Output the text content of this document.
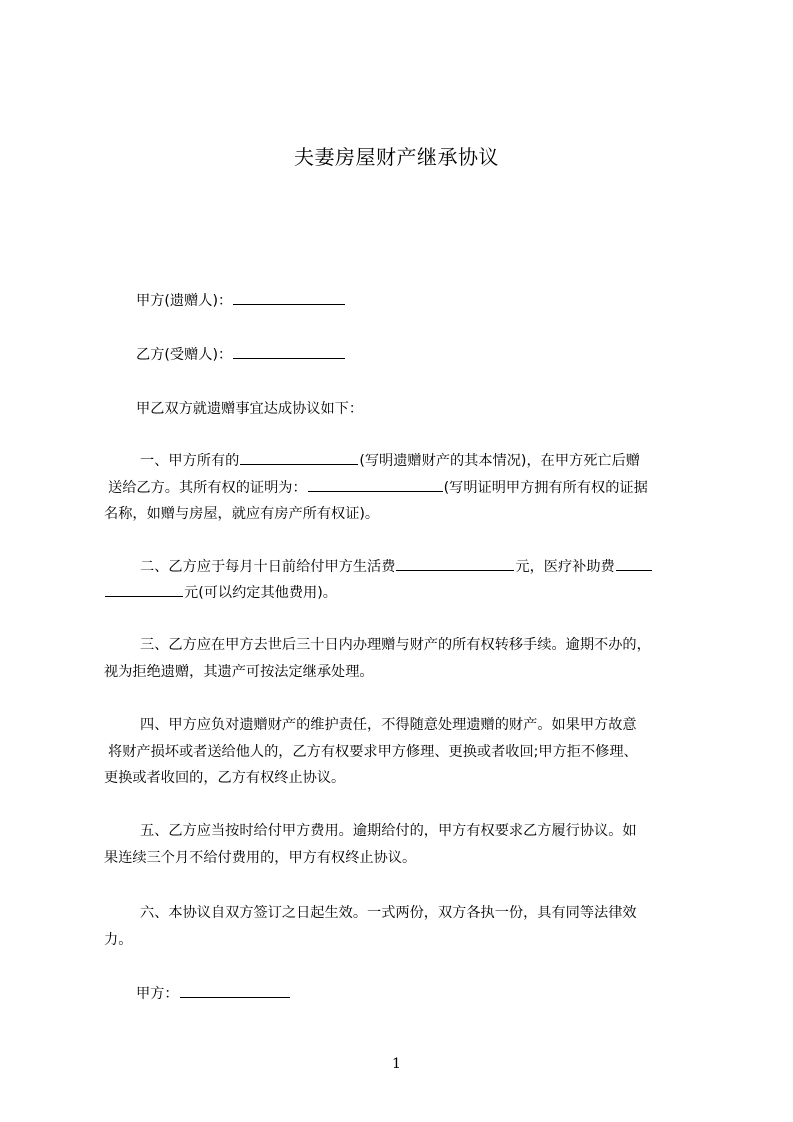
夫妻房屋财产继承协议
甲方(遗赠人)：
乙方(受赠人)：
甲乙双方就遗赠事宜达成协议如下：
一、甲方所有的	(写明遗赠财产的其本情况)，在甲方死亡后赠
送给乙方。其所有权的证明为：	(写明证明甲方拥有所有权的证据
名称，如赠与房屋，就应有房产所有权证)。
二、乙方应于每月十日前给付甲方生活费	元，医疗补助费
元(可以约定其他费用)。
三、乙方应在甲方去世后三十日内办理赠与财产的所有权转移手续。逾期不办的，
视为拒绝遗赠，其遗产可按法定继承处理。
四、甲方应负对遗赠财产的维护责任，不得随意处理遗赠的财产。如果甲方故意
将财产损坏或者送给他人的，乙方有权要求甲方修理、更换或者收回;甲方拒不修理、
更换或者收回的，乙方有权终止协议。
五、乙方应当按时给付甲方费用。逾期给付的，甲方有权要求乙方履行协议。如
果连续三个月不给付费用的，甲方有权终止协议。
六、本协议自双方签订之日起生效。一式两份，双方各执一份，具有同等法律效
力。
甲方：
1
